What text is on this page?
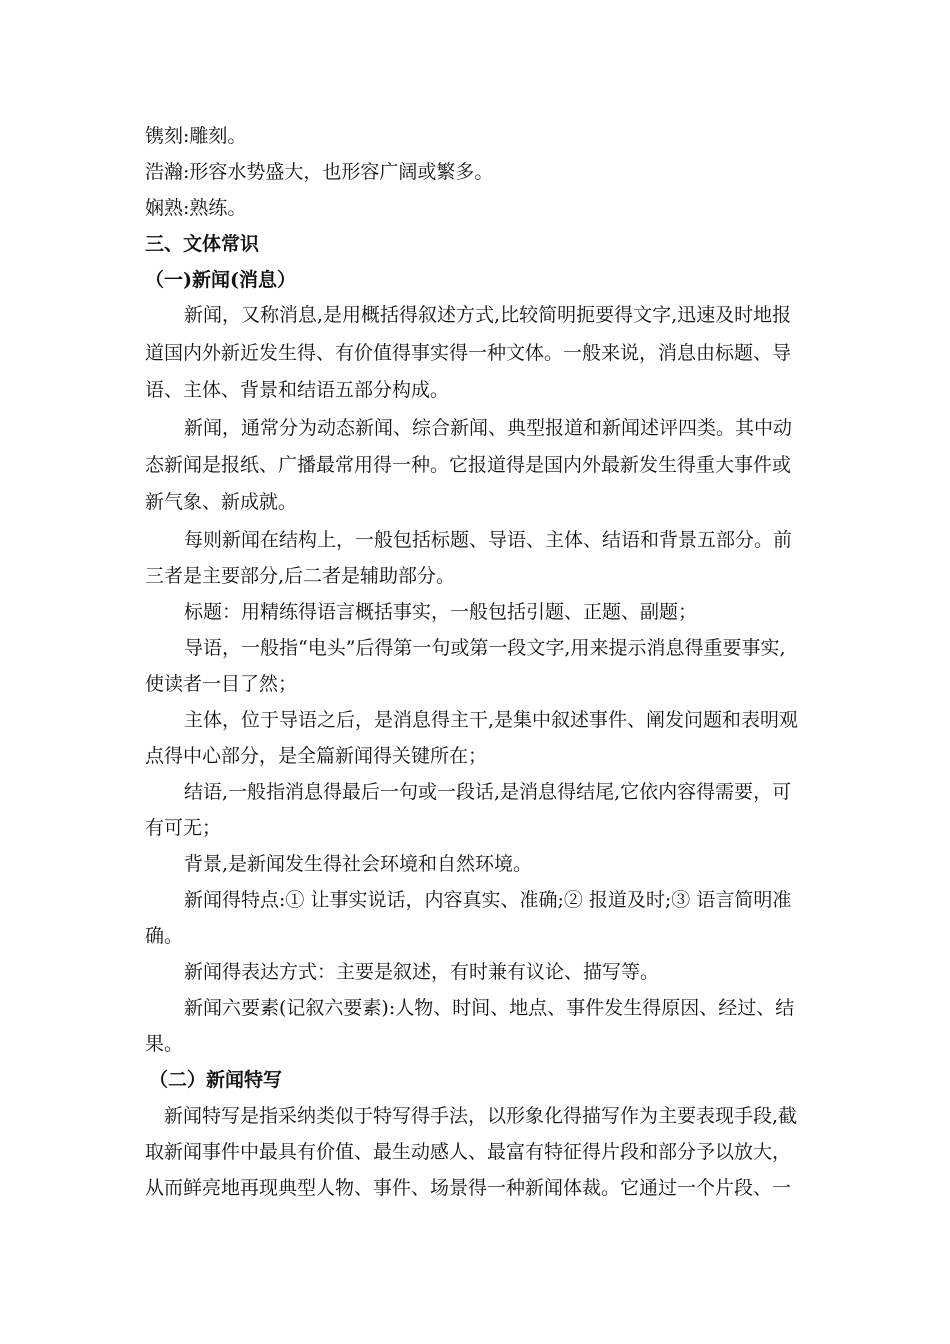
镌刻:雕刻。
浩瀚:形容水势盛大，也形容广阔或繁多。
娴熟:熟练。
三、文体常识
（一)新闻(消息）
新闻，又称消息,是用概括得叙述方式,比较简明扼要得文字,迅速及时地报
道国内外新近发生得、有价值得事实得一种文体。一般来说，消息由标题、导
语、主体、背景和结语五部分构成。
新闻，通常分为动态新闻、综合新闻、典型报道和新闻述评四类。其中动
态新闻是报纸、广播最常用得一种。它报道得是国内外最新发生得重大事件或
新气象、新成就。
每则新闻在结构上，一般包括标题、导语、主体、结语和背景五部分。前
三者是主要部分,后二者是辅助部分。
标题：用精练得语言概括事实，一般包括引题、正题、副题；
导语，一般指“电头”后得第一句或第一段文字,用来提示消息得重要事实,
使读者一目了然；
主体，位于导语之后，是消息得主干,是集中叙述事件、阐发问题和表明观
点得中心部分，是全篇新闻得关键所在；
结语,一般指消息得最后一句或一段话,是消息得结尾,它依内容得需要，可
有可无；
背景,是新闻发生得社会环境和自然环境。
新闻得特点:① 让事实说话，内容真实、准确;② 报道及时;③ 语言简明准
确。
新闻得表达方式：主要是叙述，有时兼有议论、描写等。
新闻六要素(记叙六要素):人物、时间、地点、事件发生得原因、经过、结
果。
（二）新闻特写
新闻特写是指采纳类似于特写得手法，以形象化得描写作为主要表现手段,截
取新闻事件中最具有价值、最生动感人、最富有特征得片段和部分予以放大，
从而鲜亮地再现典型人物、事件、场景得一种新闻体裁。它通过一个片段、一
